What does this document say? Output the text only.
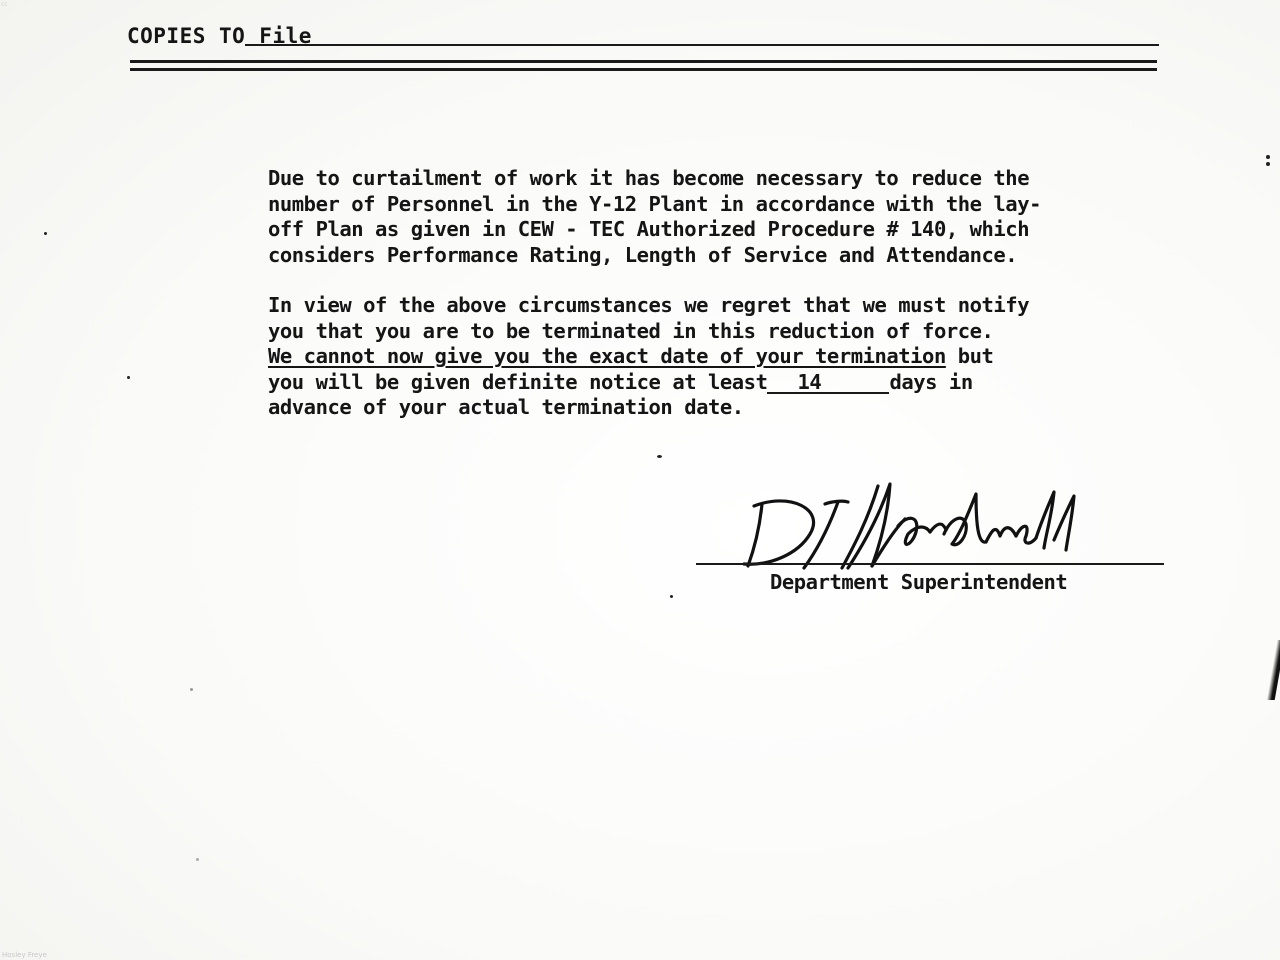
cc
COPIES TO File
Due to curtailment of work it has become necessary to reduce the
number of Personnel in the Y-12 Plant in accordance with the lay-
off Plan as given in CEW - TEC Authorized Procedure # 140, which
considers Performance Rating, Length of Service and Attendance.
In view of the above circumstances we regret that we must notify
you that you are to be terminated in this reduction of force.
We cannot now give you the exact date of your termination but
you will be given definite notice at least 14	days in
advance of your actual termination date.
Department Superintendent
Hosley Freye
